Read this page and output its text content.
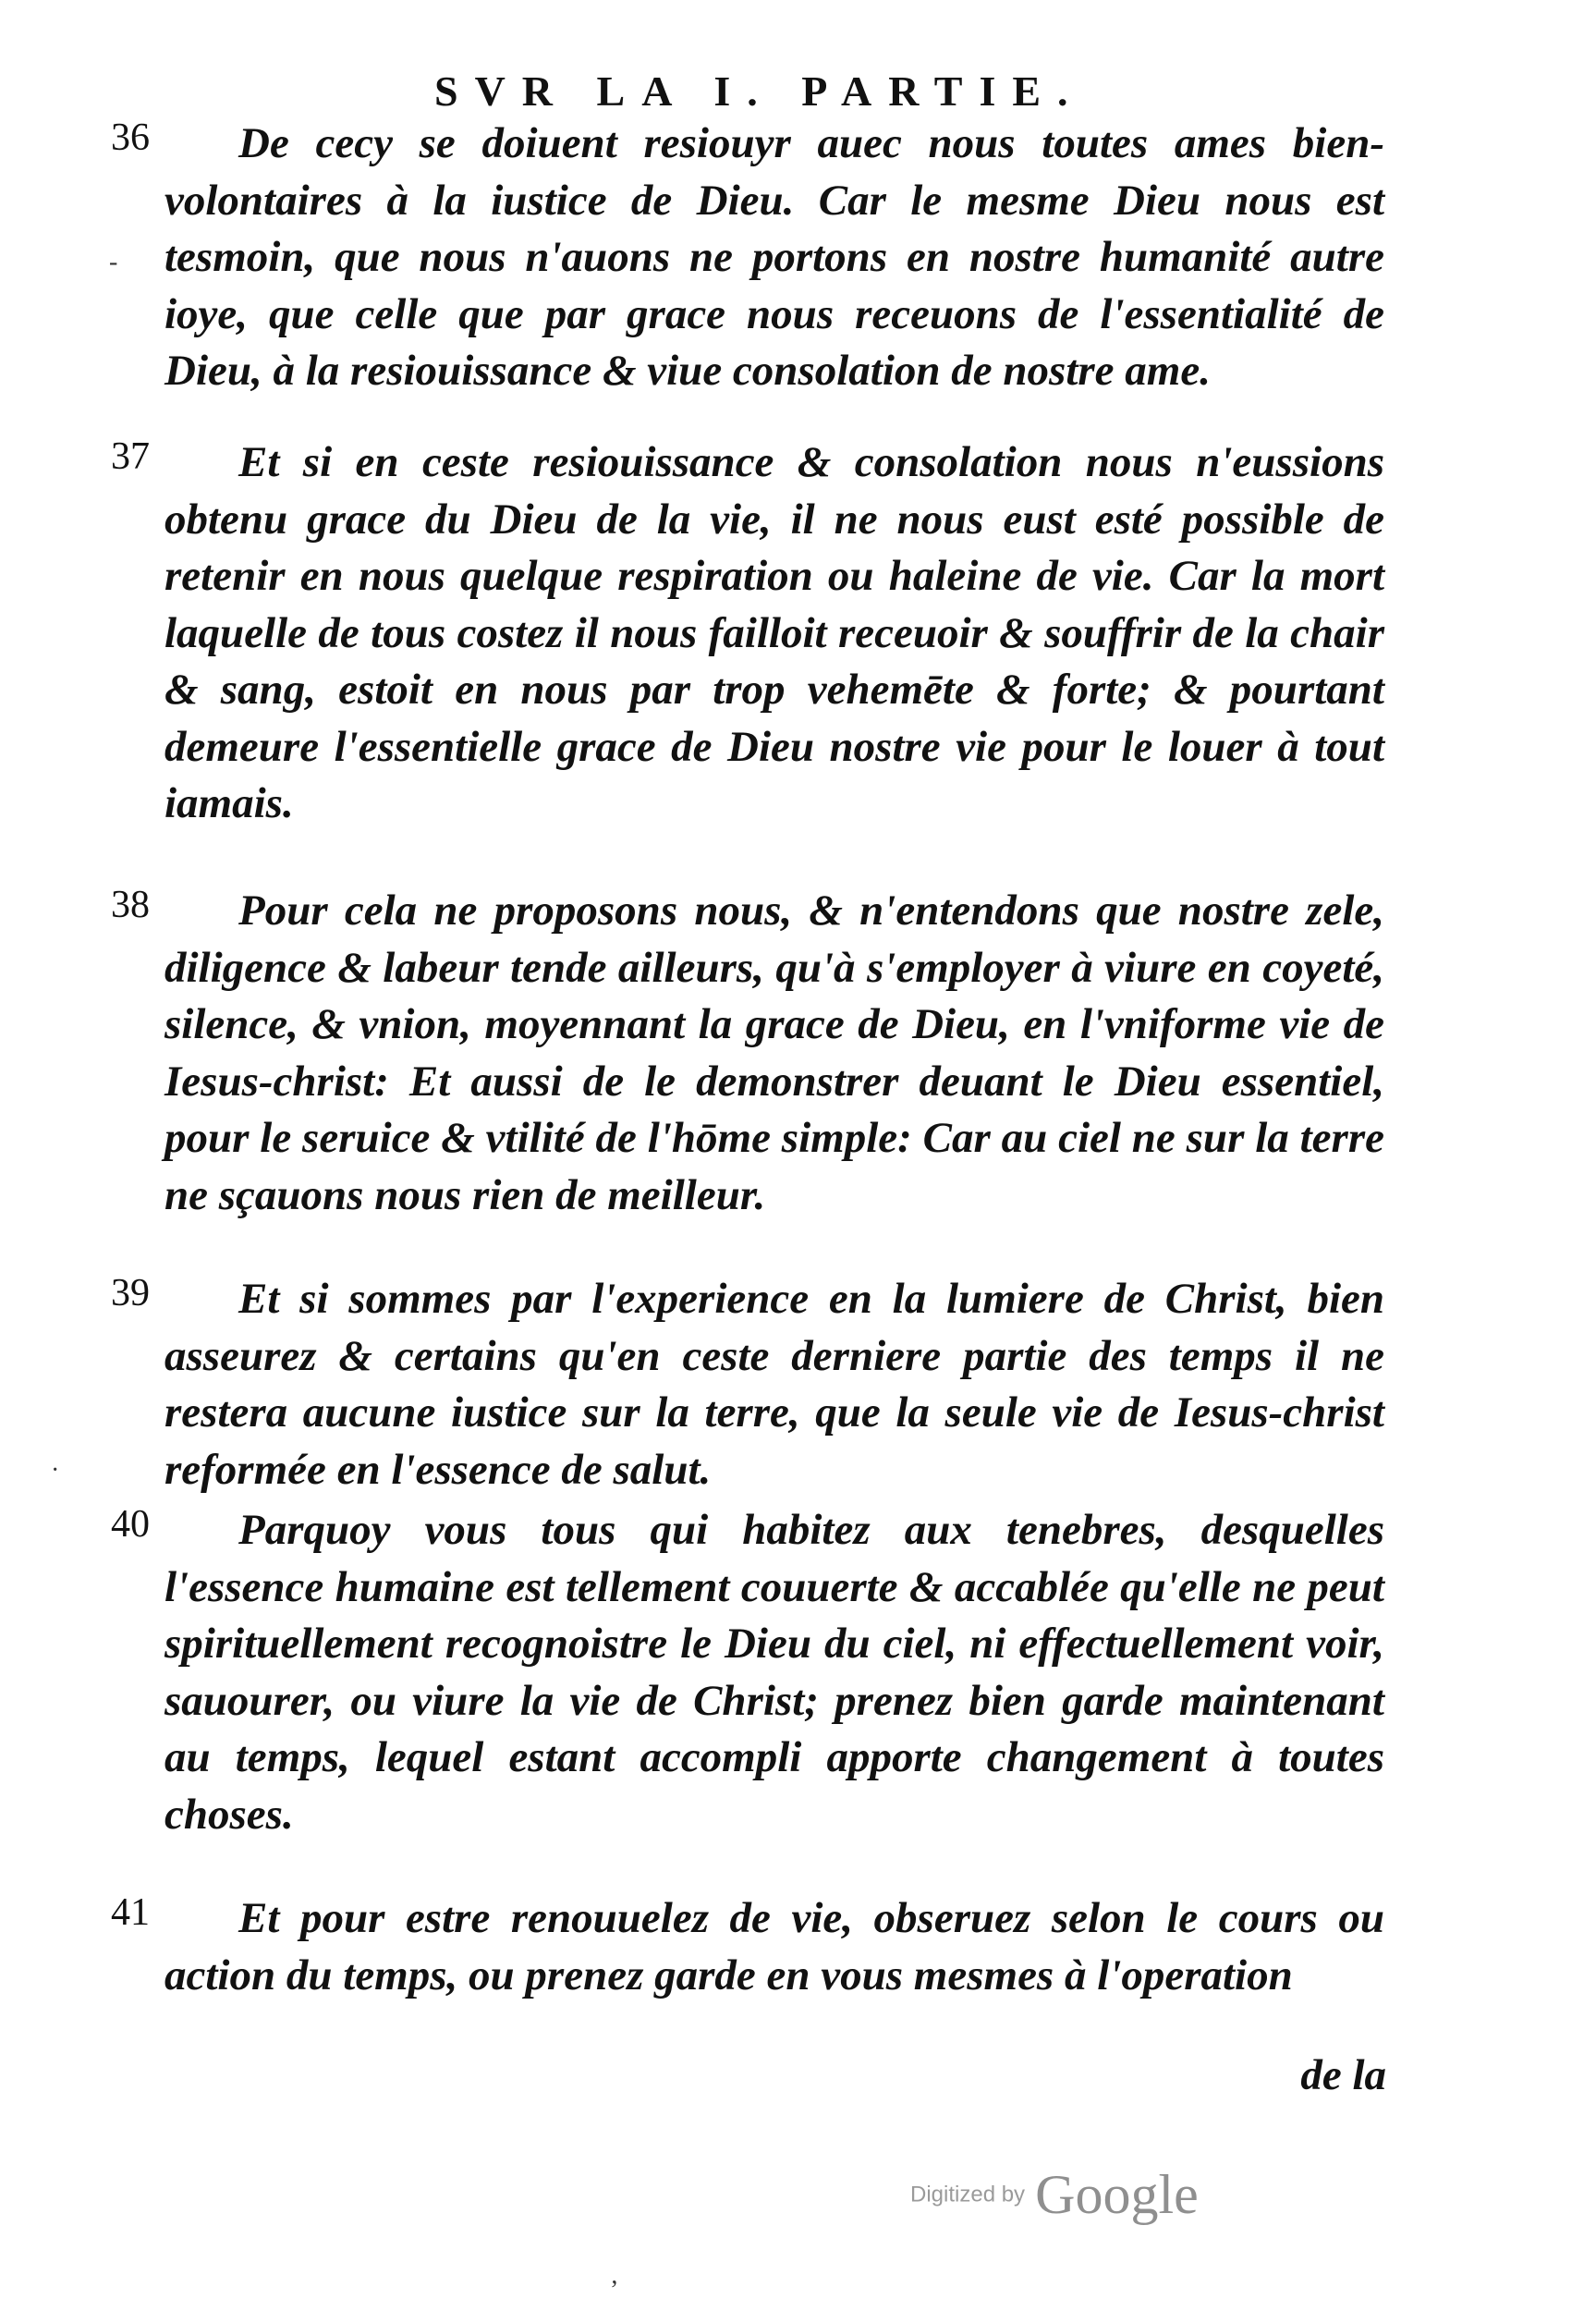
SVR LA I. PARTIE.
-
·
’
36	De cecy se doiuent resiouyr auec nous toutes ames bien-volontaires à la iustice de Dieu. Car le mesme Dieu nous est tesmoin, que nous n'auons ne portons en nostre humanité autre ioye, que celle que par grace nous receuons de l'essentialité de Dieu, à la resiouissance & viue consolation de nostre ame.
37	Et si en ceste resiouissance & consolation nous n'eussions obtenu grace du Dieu de la vie, il ne nous eust esté possible de retenir en nous quelque respiration ou haleine de vie. Car la mort laquelle de tous costez il nous failloit receuoir & souffrir de la chair & sang, estoit en nous par trop vehemēte & forte; & pourtant demeure l'essentielle grace de Dieu nostre vie pour le louer à tout iamais.
38	Pour cela ne proposons nous, & n'entendons que nostre zele, diligence & labeur tende ailleurs, qu'à s'employer à viure en coyeté, silence, & vnion, moyennant la grace de Dieu, en l'vniforme vie de Iesus-christ: Et aussi de le demonstrer deuant le Dieu essentiel, pour le seruice & vtilité de l'hōme simple: Car au ciel ne sur la terre ne sçauons nous rien de meilleur.
39	Et si sommes par l'experience en la lumiere de Christ, bien asseurez & certains qu'en ceste derniere partie des temps il ne restera aucune iustice sur la terre, que la seule vie de Iesus-christ reformée en l'essence de salut.
40	Parquoy vous tous qui habitez aux tenebres, desquelles l'essence humaine est tellement couuerte & accablée qu'elle ne peut spirituellement recognoistre le Dieu du ciel, ni effectuellement voir, sauourer, ou viure la vie de Christ; prenez bien garde maintenant au temps, lequel estant accompli apporte changement à toutes choses.
41	Et pour estre renouuelez de vie, obseruez selon le cours ou action du temps, ou prenez garde en vous mesmes à l'operation
de la
Digitized by Google
